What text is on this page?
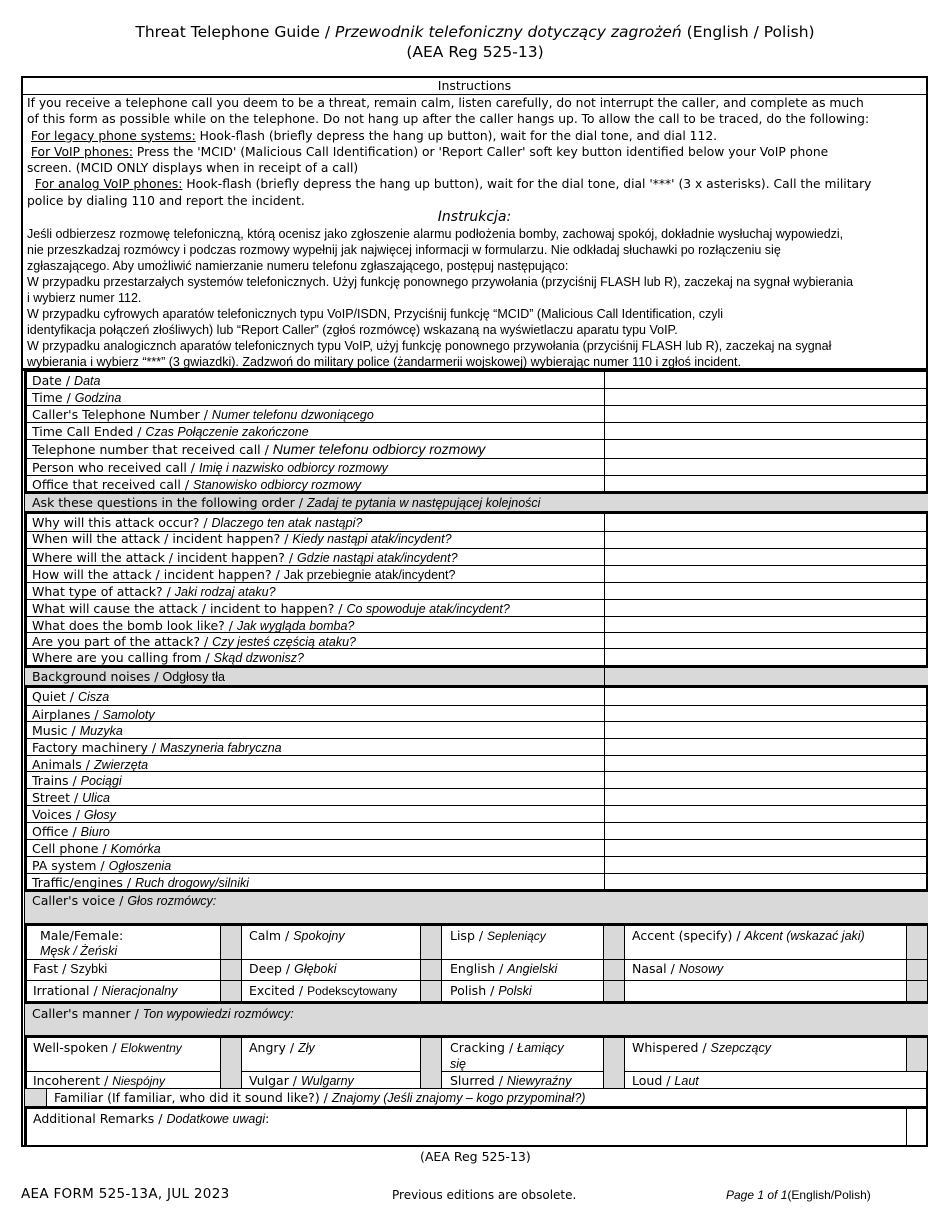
Threat Telephone Guide / Przewodnik telefoniczny dotyczący zagrożeń (English / Polish)
(AEA Reg 525-13)
Instructions

If you receive a telephone call you deem to be a threat, remain calm, listen carefully, do not interrupt the caller, and complete as much

of this form as possible while on the telephone. Do not hang up after the caller hangs up. To allow the call to be traced, do the following:

For legacy phone systems: Hook-flash (briefly depress the hang up button), wait for the dial tone, and dial 112.

For VoIP phones: Press the 'MCID' (Malicious Call Identification) or 'Report Caller' soft key button identified below your VoIP phone

screen. (MCID ONLY displays when in receipt of a call)

For analog VoIP phones: Hook-flash (briefly depress the hang up button), wait for the dial tone, dial '***' (3 x asterisks). Call the military

police by dialing 110 and report the incident.

Instrukcja:

Jeśli odbierzesz rozmowę telefoniczną, którą ocenisz jako zgłoszenie alarmu podłożenia bomby, zachowaj spokój, dokładnie wysłuchaj wypowiedzi,

nie przeszkadzaj rozmówcy i podczas rozmowy wypełnij jak najwięcej informacji w formularzu. Nie odkładaj słuchawki po rozłączeniu się

zgłaszającego. Aby umożliwić namierzanie numeru telefonu zgłaszającego, postępuj następująco:

W przypadku przestarzałych systemów telefonicznych. Użyj funkcję ponownego przywołania (przyciśnij FLASH lub R), zaczekaj na sygnał wybierania

i wybierz numer 112.

W przypadku cyfrowych aparatów telefonicznych typu VoIP/ISDN, Przyciśnij funkcję “MCID” (Malicious Call Identification, czyli

identyfikacja połączeń złośliwych) lub “Report Caller” (zgłoś rozmówcę) wskazaną na wyświetlaczu aparatu typu VoIP.

W przypadku analogicznch aparatów telefonicznych typu VoIP, użyj funkcję ponownego przywołania (przyciśnij FLASH lub R), zaczekaj na sygnał

wybierania i wybierz “***” (3 gwiazdki). Zadzwoń do military police (żandarmerii wojskowej) wybierając numer 110 i zgłoś incident.

Date / Data
Time / Godzina
Caller's Telephone Number / Numer telefonu dzwoniącego
Time Call Ended / Czas Połączenie zakończone
Telephone number that received call / Numer telefonu odbiorcy rozmowy
Person who received call / Imię i nazwisko odbiorcy rozmowy
Office that received call / Stanowisko odbiorcy rozmowy
Ask these questions in the following order / Zadaj te pytania w następującej kolejności
Why will this attack occur? / Dlaczego ten atak nastąpi?
When will the attack / incident happen? / Kiedy nastąpi atak/incydent?
Where will the attack / incident happen? / Gdzie nastąpi atak/incydent?
How will the attack / incident happen? / Jak przebiegnie atak/incydent?
What type of attack? / Jaki rodzaj ataku?
What will cause the attack / incident to happen? / Co spowoduje atak/incydent?
What does the bomb look like? / Jak wygląda bomba?
Are you part of the attack? / Czy jesteś częścią ataku?
Where are you calling from / Skąd dzwonisz?
Background noises / Odgłosy tła
Quiet / Cisza
Airplanes / Samoloty
Music / Muzyka
Factory machinery / Maszyneria fabryczna
Animals / Zwierzęta
Trains / Pociągi
Street / Ulica
Voices / Głosy
Office / Biuro
Cell phone / Komórka
PA system / Ogłoszenia
Traffic/engines / Ruch drogowy/silniki
Caller's voice / Głos rozmówcy:
Male/Female:
Męsk / Żeński
Fast / Szybki
Irrational / Nieracjonalny
Calm / Spokojny
Deep / Głęboki
Excited / Podekscytowany
Lisp / Sepleniący
English / Angielski
Polish / Polski
Accent (specify) / Akcent (wskazać jaki)
Nasal / Nosowy
Caller's manner / Ton wypowiedzi rozmówcy:
Well-spoken / Elokwentny
Incoherent / Niespójny
Angry / Zły
Vulgar / Wulgarny
Cracking / Łamiący
się
Slurred / Niewyraźny
Whispered / Szepczący
Loud / Laut
Familiar (If familiar, who did it sound like?) / Znajomy (Jeśli znajomy – kogo przypominał?)
Additional Remarks / Dodatkowe uwagi:
(AEA Reg 525-13)
AEA FORM 525-13A, JUL 2023	Previous editions are obsolete.	Page 1 of 1(English/Polish)
